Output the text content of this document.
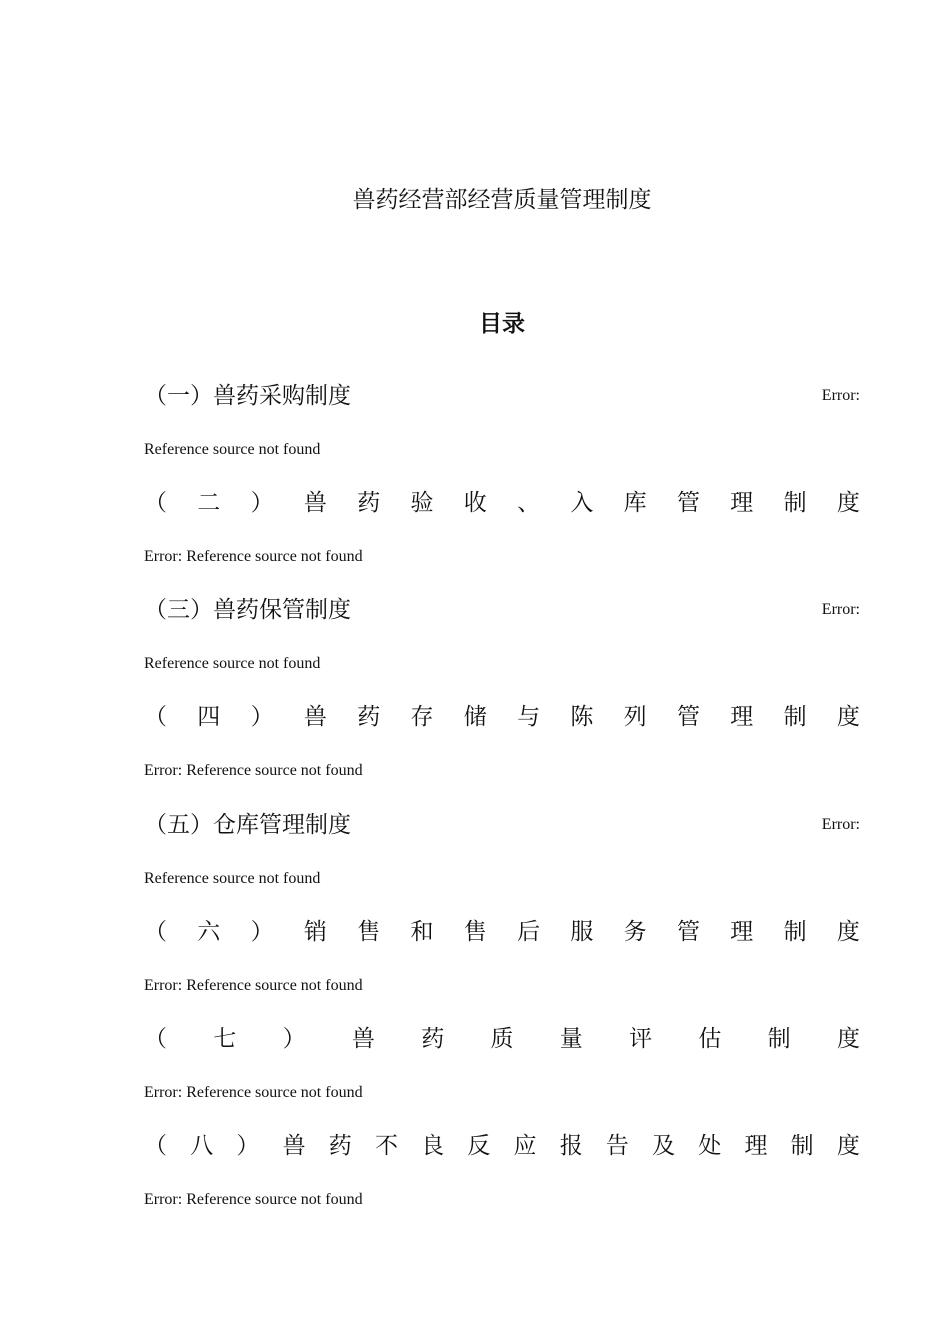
兽药经营部经营质量管理制度
目录
（一）兽药采购制度	Error:
Reference source not found
（ 二 ） 兽 药 验 收 、 入 库 管 理 制 度
Error: Reference source not found
（三）兽药保管制度	Error:
Reference source not found
（ 四 ） 兽 药 存 储 与 陈 列 管 理 制 度
Error: Reference source not found
（五）仓库管理制度	Error:
Reference source not found
（ 六 ） 销 售 和 售 后 服 务 管 理 制 度
Error: Reference source not found
（ 七 ） 兽 药 质 量 评 估 制 度
Error: Reference source not found
（ 八 ） 兽 药 不 良 反 应 报 告 及 处 理 制 度
Error: Reference source not found
